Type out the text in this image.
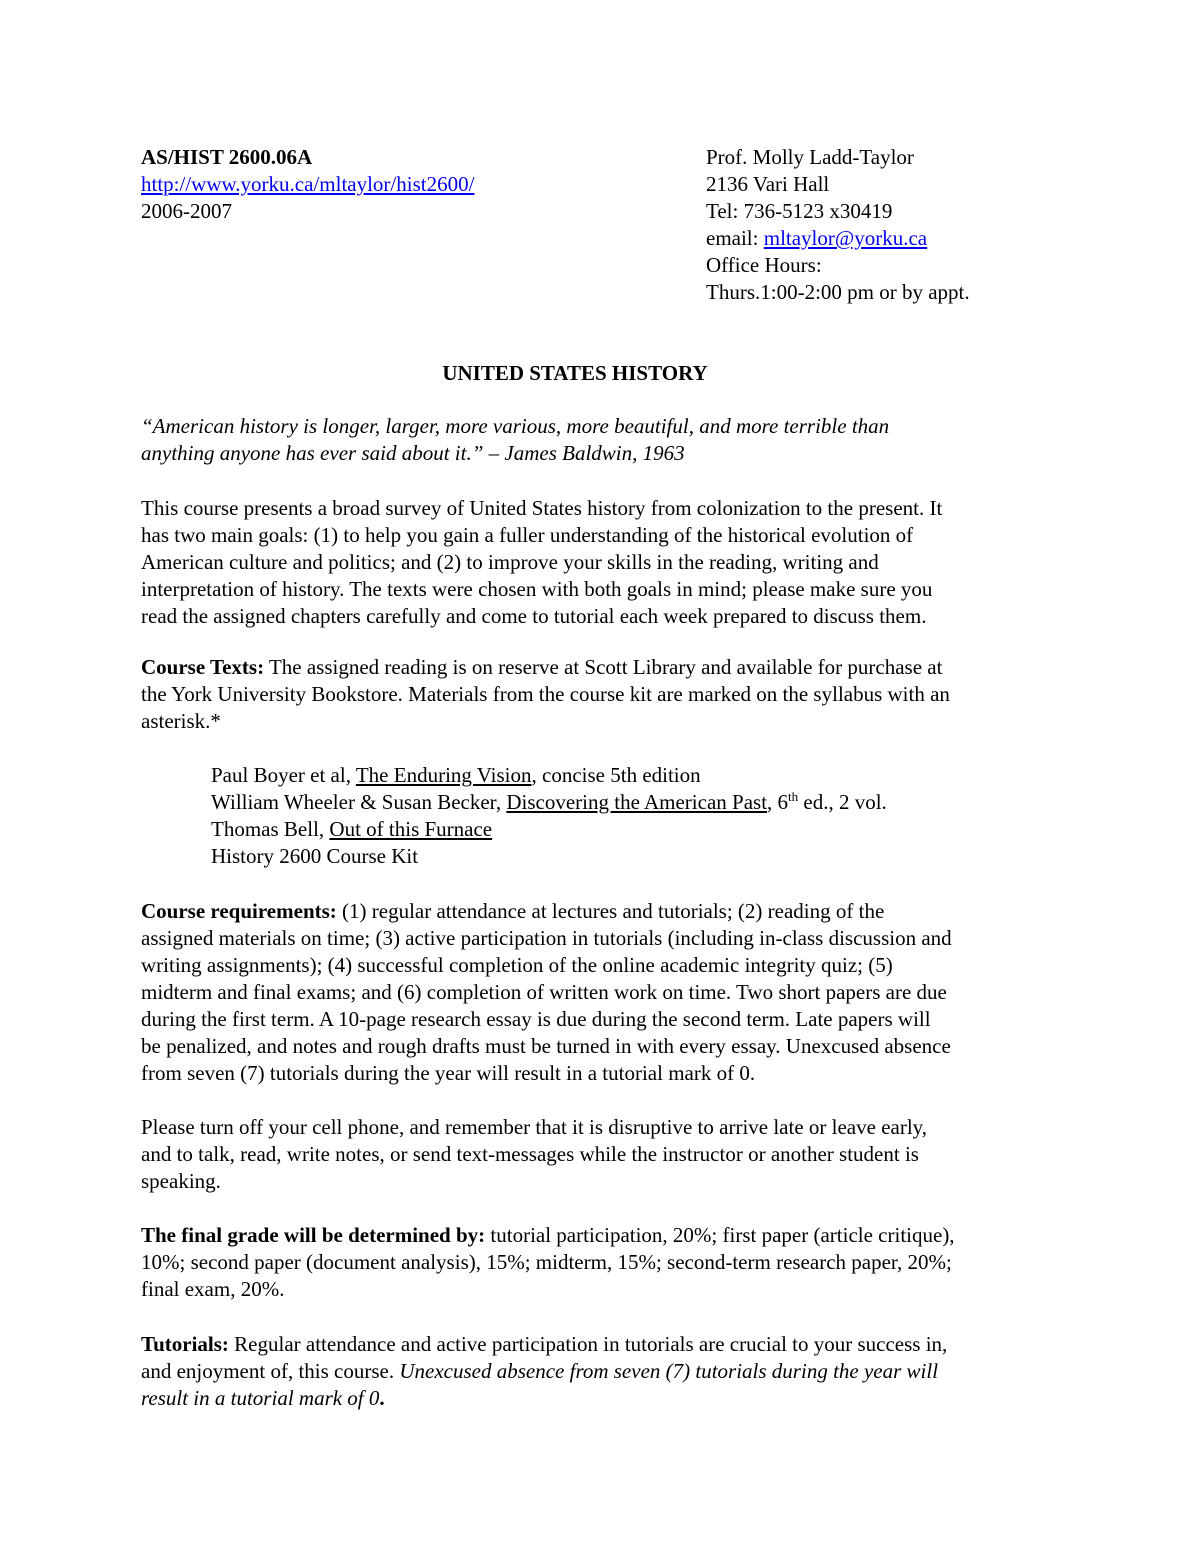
AS/HIST 2600.06A
http://www.yorku.ca/mltaylor/hist2600/
2006-2007
Prof. Molly Ladd-Taylor
2136 Vari Hall
Tel: 736-5123 x30419
email: mltaylor@yorku.ca
Office Hours:
Thurs.1:00-2:00 pm or by appt.
UNITED STATES HISTORY
“American history is longer, larger, more various, more beautiful, and more terrible than
anything anyone has ever said about it.” – James Baldwin, 1963
This course presents a broad survey of United States history from colonization to the present. It
has two main goals: (1) to help you gain a fuller understanding of the historical evolution of
American culture and politics; and (2) to improve your skills in the reading, writing and
interpretation of history. The texts were chosen with both goals in mind; please make sure you
read the assigned chapters carefully and come to tutorial each week prepared to discuss them.
Course Texts: The assigned reading is on reserve at Scott Library and available for purchase at
the York University Bookstore. Materials from the course kit are marked on the syllabus with an
asterisk.*
Paul Boyer et al, The Enduring Vision, concise 5th edition
William Wheeler & Susan Becker, Discovering the American Past, 6th ed., 2 vol.
Thomas Bell, Out of this Furnace
History 2600 Course Kit
Course requirements: (1) regular attendance at lectures and tutorials; (2) reading of the
assigned materials on time; (3) active participation in tutorials (including in-class discussion and
writing assignments); (4) successful completion of the online academic integrity quiz; (5)
midterm and final exams; and (6) completion of written work on time. Two short papers are due
during the first term. A 10-page research essay is due during the second term. Late papers will
be penalized, and notes and rough drafts must be turned in with every essay. Unexcused absence
from seven (7) tutorials during the year will result in a tutorial mark of 0.
Please turn off your cell phone, and remember that it is disruptive to arrive late or leave early,
and to talk, read, write notes, or send text-messages while the instructor or another student is
speaking.
The final grade will be determined by: tutorial participation, 20%; first paper (article critique),
10%; second paper (document analysis), 15%; midterm, 15%; second-term research paper, 20%;
final exam, 20%.
Tutorials: Regular attendance and active participation in tutorials are crucial to your success in,
and enjoyment of, this course. Unexcused absence from seven (7) tutorials during the year will
result in a tutorial mark of 0.
